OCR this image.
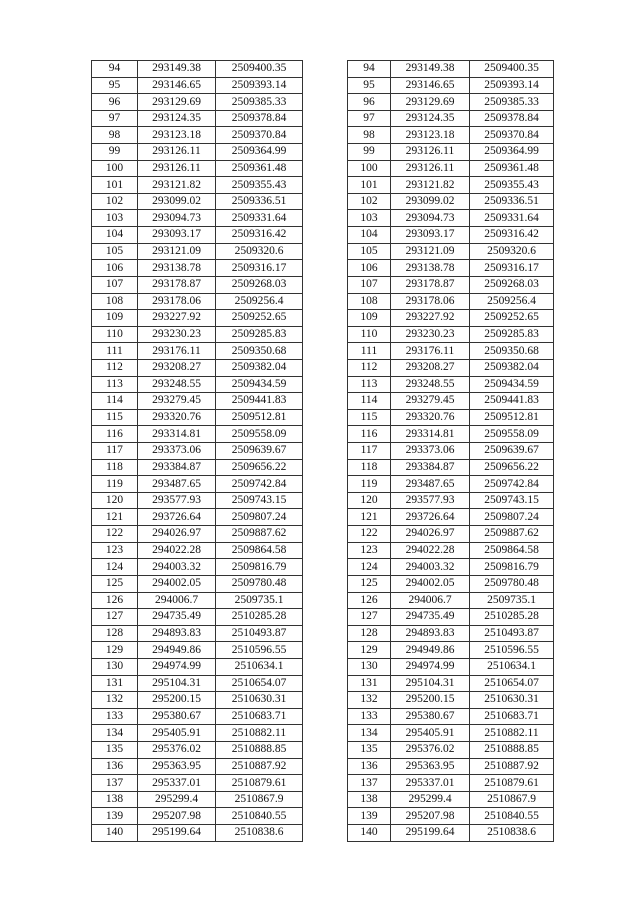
94	293149.38	2509400.35
95	293146.65	2509393.14
96	293129.69	2509385.33
97	293124.35	2509378.84
98	293123.18	2509370.84
99	293126.11	2509364.99
100	293126.11	2509361.48
101	293121.82	2509355.43
102	293099.02	2509336.51
103	293094.73	2509331.64
104	293093.17	2509316.42
105	293121.09	2509320.6
106	293138.78	2509316.17
107	293178.87	2509268.03
108	293178.06	2509256.4
109	293227.92	2509252.65
110	293230.23	2509285.83
111	293176.11	2509350.68
112	293208.27	2509382.04
113	293248.55	2509434.59
114	293279.45	2509441.83
115	293320.76	2509512.81
116	293314.81	2509558.09
117	293373.06	2509639.67
118	293384.87	2509656.22
119	293487.65	2509742.84
120	293577.93	2509743.15
121	293726.64	2509807.24
122	294026.97	2509887.62
123	294022.28	2509864.58
124	294003.32	2509816.79
125	294002.05	2509780.48
126	294006.7	2509735.1
127	294735.49	2510285.28
128	294893.83	2510493.87
129	294949.86	2510596.55
130	294974.99	2510634.1
131	295104.31	2510654.07
132	295200.15	2510630.31
133	295380.67	2510683.71
134	295405.91	2510882.11
135	295376.02	2510888.85
136	295363.95	2510887.92
137	295337.01	2510879.61
138	295299.4	2510867.9
139	295207.98	2510840.55
140	295199.64	2510838.6
94	293149.38	2509400.35
95	293146.65	2509393.14
96	293129.69	2509385.33
97	293124.35	2509378.84
98	293123.18	2509370.84
99	293126.11	2509364.99
100	293126.11	2509361.48
101	293121.82	2509355.43
102	293099.02	2509336.51
103	293094.73	2509331.64
104	293093.17	2509316.42
105	293121.09	2509320.6
106	293138.78	2509316.17
107	293178.87	2509268.03
108	293178.06	2509256.4
109	293227.92	2509252.65
110	293230.23	2509285.83
111	293176.11	2509350.68
112	293208.27	2509382.04
113	293248.55	2509434.59
114	293279.45	2509441.83
115	293320.76	2509512.81
116	293314.81	2509558.09
117	293373.06	2509639.67
118	293384.87	2509656.22
119	293487.65	2509742.84
120	293577.93	2509743.15
121	293726.64	2509807.24
122	294026.97	2509887.62
123	294022.28	2509864.58
124	294003.32	2509816.79
125	294002.05	2509780.48
126	294006.7	2509735.1
127	294735.49	2510285.28
128	294893.83	2510493.87
129	294949.86	2510596.55
130	294974.99	2510634.1
131	295104.31	2510654.07
132	295200.15	2510630.31
133	295380.67	2510683.71
134	295405.91	2510882.11
135	295376.02	2510888.85
136	295363.95	2510887.92
137	295337.01	2510879.61
138	295299.4	2510867.9
139	295207.98	2510840.55
140	295199.64	2510838.6
